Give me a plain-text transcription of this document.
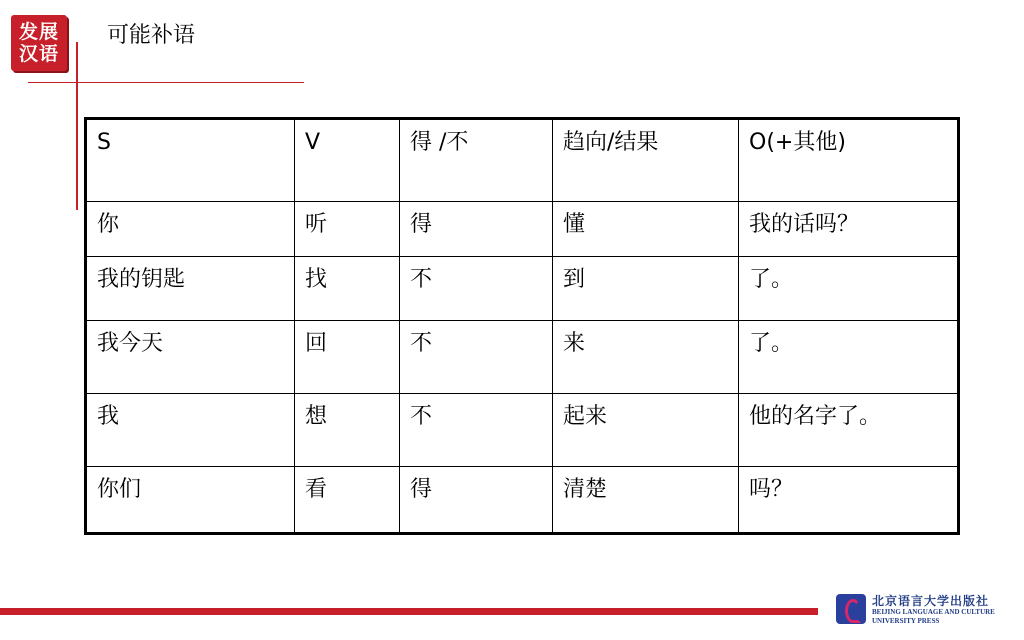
发展
汉语
可能补语
S	V	得 /不	趋向/结果	O(+其他)
你	听	得	懂	我的话吗？
我的钥匙	找	不	到	了。
我今天	回	不	来	了。
我	想	不	起来	他的名字了。
你们	看	得	清楚	吗？
北京语言大学出版社
BEIJING LANGUAGE AND CULTURE
UNIVERSITY PRESS
